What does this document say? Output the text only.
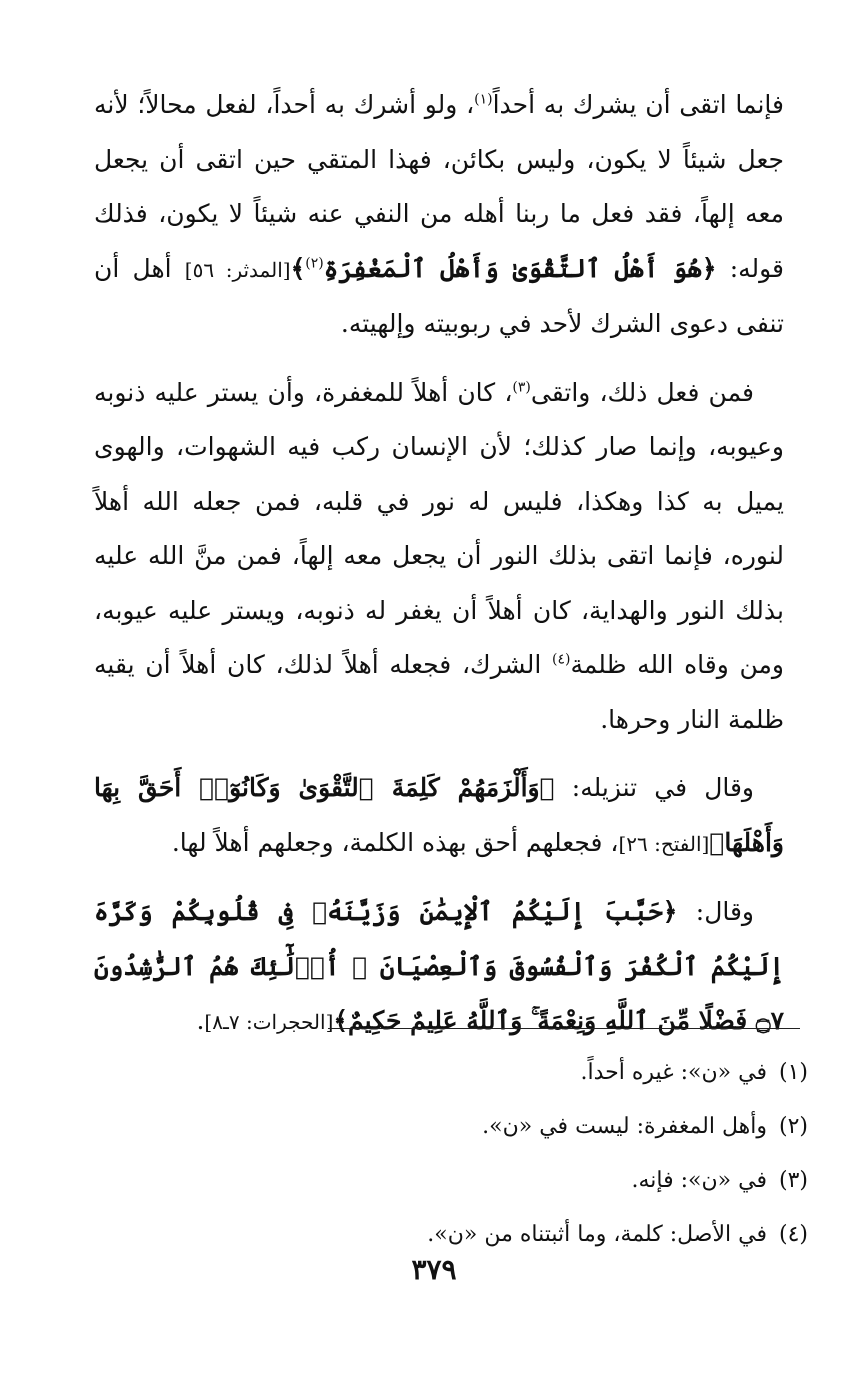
فإنما اتقى أن يشرك به أحداً$^{(١)}$، ولو أشرك به أحداً، لفعل محالاً؛ لأنه جعل شيئاً لا يكون، وليس بكائن، فهذا المتقي حين اتقى أن يجعل معه إلهاً، فقد فعل ما ربنا أهله من النفي عنه شيئاً لا يكون، فذلك قوله: ﴿هُوَ أَهْلُ ٱلتَّقْوَىٰ وَأَهْلُ ٱلْمَغْفِرَةِ$^{(٢)}$﴾[المدثر: ٥٦] أهل أن تنفى دعوى الشرك لأحد في ربوبيته وإلهيته.

فمن فعل ذلك، واتقى$^{(٣)}$، كان أهلاً للمغفرة، وأن يستر عليه ذنوبه وعيوبه، وإنما صار كذلك؛ لأن الإنسان ركب فيه الشهوات، والهوى يميل به كذا وهكذا، فليس له نور في قلبه، فمن جعله الله أهلاً لنوره، فإنما اتقى بذلك النور أن يجعل معه إلهاً، فمن منَّ الله عليه بذلك النور والهداية، كان أهلاً أن يغفر له ذنوبه، ويستر عليه عيوبه، ومن وقاه الله ظلمة$^{(٤)}$ الشرك، فجعله أهلاً لذلك، كان أهلاً أن يقيه ظلمة النار وحرها.

وقال في تنزيله: ﴿وَأَلْزَمَهُمْ كَلِمَةَ ٱلتَّقْوَىٰ وَكَانُوٓا۟ أَحَقَّ بِهَا وَأَهْلَهَا﴾[الفتح: ٢٦]، فجعلهم أحق بهذه الكلمة، وجعلهم أهلاً لها.

وقال: ﴿حَبَّبَ إِلَيْكُمُ ٱلْإِيمَٰنَ وَزَيَّنَهُۥ فِى قُلُوبِكُمْ وَكَرَّهَ إِلَيْكُمُ ٱلْكُفْرَ وَٱلْفُسُوقَ وَٱلْعِصْيَانَ ۚ أُو۟لَٰٓئِكَ هُمُ ٱلرَّٰشِدُونَ ۝٧ فَضْلًا مِّنَ ٱللَّهِ وَنِعْمَةً ۚ وَٱللَّهُ عَلِيمٌ حَكِيمٌ﴾[الحجرات: ٧ـ٨].

(١)في «ن»: غيره أحداً.

(٢)وأهل المغفرة: ليست في «ن».

(٣)في «ن»: فإنه.

(٤)في الأصل: كلمة، وما أثبتناه من «ن».

٣٧٩
